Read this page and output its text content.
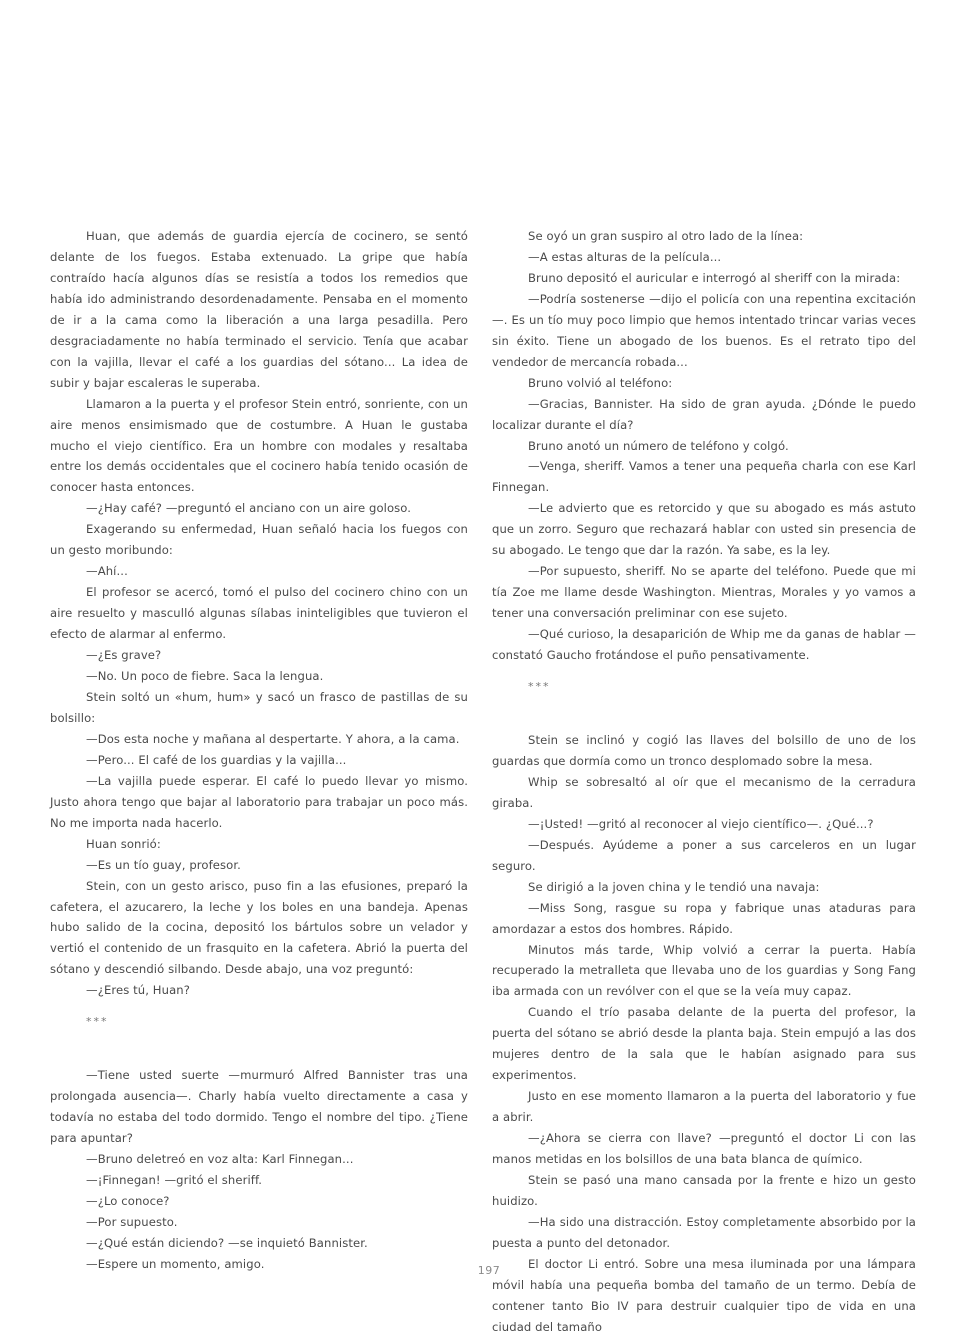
Huan, que además de guardia ejercía de cocinero, se sentó delante de los fuegos. Estaba extenuado. La gripe que había contraído hacía algunos días se resistía a todos los remedios que había ido administrando desordenadamente. Pensaba en el momento de ir a la cama como la liberación a una larga pesadilla. Pero desgraciadamente no había terminado el servicio. Tenía que acabar con la vajilla, llevar el café a los guardias del sótano... La idea de subir y bajar escaleras le superaba.

Llamaron a la puerta y el profesor Stein entró, sonriente, con un aire menos ensimismado que de costumbre. A Huan le gustaba mucho el viejo científico. Era un hombre con modales y resaltaba entre los demás occidentales que el cocinero había tenido ocasión de conocer hasta entonces.

—¿Hay café? —preguntó el anciano con un aire goloso.

Exagerando su enfermedad, Huan señaló hacia los fuegos con un gesto moribundo:

—Ahí...

El profesor se acercó, tomó el pulso del cocinero chino con un aire resuelto y masculló algunas sílabas ininteligibles que tuvieron el efecto de alarmar al enfermo.

—¿Es grave?

—No. Un poco de fiebre. Saca la lengua.

Stein soltó un «hum, hum» y sacó un frasco de pastillas de su bolsillo:

—Dos esta noche y mañana al despertarte. Y ahora, a la cama.

—Pero... El café de los guardias y la vajilla...

—La vajilla puede esperar. El café lo puedo llevar yo mismo. Justo ahora tengo que bajar al laboratorio para trabajar un poco más. No me importa nada hacerlo.

Huan sonrió:

—Es un tío guay, profesor.

Stein, con un gesto arisco, puso fin a las efusiones, preparó la cafetera, el azucarero, la leche y los boles en una bandeja. Apenas hubo salido de la cocina, depositó los bártulos sobre un velador y vertió el contenido de un frasquito en la cafetera. Abrió la puerta del sótano y descendió silbando. Desde abajo, una voz preguntó:

—¿Eres tú, Huan?

***

—Tiene usted suerte —murmuró Alfred Bannister tras una prolongada ausencia—. Charly había vuelto directamente a casa y todavía no estaba del todo dormido. Tengo el nombre del tipo. ¿Tiene para apuntar?

—Bruno deletreó en voz alta: Karl Finnegan...

—¡Finnegan! —gritó el sheriff.

—¿Lo conoce?

—Por supuesto.

—¿Qué están diciendo? —se inquietó Bannister.

—Espere un momento, amigo.

Se oyó un gran suspiro al otro lado de la línea:

—A estas alturas de la película...

Bruno depositó el auricular e interrogó al sheriff con la mirada:

—Podría sostenerse —dijo el policía con una repentina excitación—. Es un tío muy poco limpio que hemos intentado trincar varias veces sin éxito. Tiene un abogado de los buenos. Es el retrato tipo del vendedor de mercancía robada...

Bruno volvió al teléfono:

—Gracias, Bannister. Ha sido de gran ayuda. ¿Dónde le puedo localizar durante el día?

Bruno anotó un número de teléfono y colgó.

—Venga, sheriff. Vamos a tener una pequeña charla con ese Karl Finnegan.

—Le advierto que es retorcido y que su abogado es más astuto que un zorro. Seguro que rechazará hablar con usted sin presencia de su abogado. Le tengo que dar la razón. Ya sabe, es la ley.

—Por supuesto, sheriff. No se aparte del teléfono. Puede que mi tía Zoe me llame desde Washington. Mientras, Morales y yo vamos a tener una conversación preliminar con ese sujeto.

—Qué curioso, la desaparición de Whip me da ganas de hablar —constató Gaucho frotándose el puño pensativamente.

***

Stein se inclinó y cogió las llaves del bolsillo de uno de los guardas que dormía como un tronco desplomado sobre la mesa.

Whip se sobresaltó al oír que el mecanismo de la cerradura giraba.

—¡Usted! —gritó al reconocer al viejo científico—. ¿Qué...?

—Después. Ayúdeme a poner a sus carceleros en un lugar seguro.

Se dirigió a la joven china y le tendió una navaja:

—Miss Song, rasgue su ropa y fabrique unas ataduras para amordazar a estos dos hombres. Rápido.

Minutos más tarde, Whip volvió a cerrar la puerta. Había recuperado la metralleta que llevaba uno de los guardias y Song Fang iba armada con un revólver con el que se la veía muy capaz.

Cuando el trío pasaba delante de la puerta del profesor, la puerta del sótano se abrió desde la planta baja. Stein empujó a las dos mujeres dentro de la sala que le habían asignado para sus experimentos.

Justo en ese momento llamaron a la puerta del laboratorio y fue a abrir.

—¿Ahora se cierra con llave? —preguntó el doctor Li con las manos metidas en los bolsillos de una bata blanca de químico.

Stein se pasó una mano cansada por la frente e hizo un gesto huidizo.

—Ha sido una distracción. Estoy completamente absorbido por la puesta a punto del detonador.

El doctor Li entró. Sobre una mesa iluminada por una lámpara móvil había una pequeña bomba del tamaño de un termo. Debía de contener tanto Bio IV para destruir cualquier tipo de vida en una ciudad del tamaño

197
